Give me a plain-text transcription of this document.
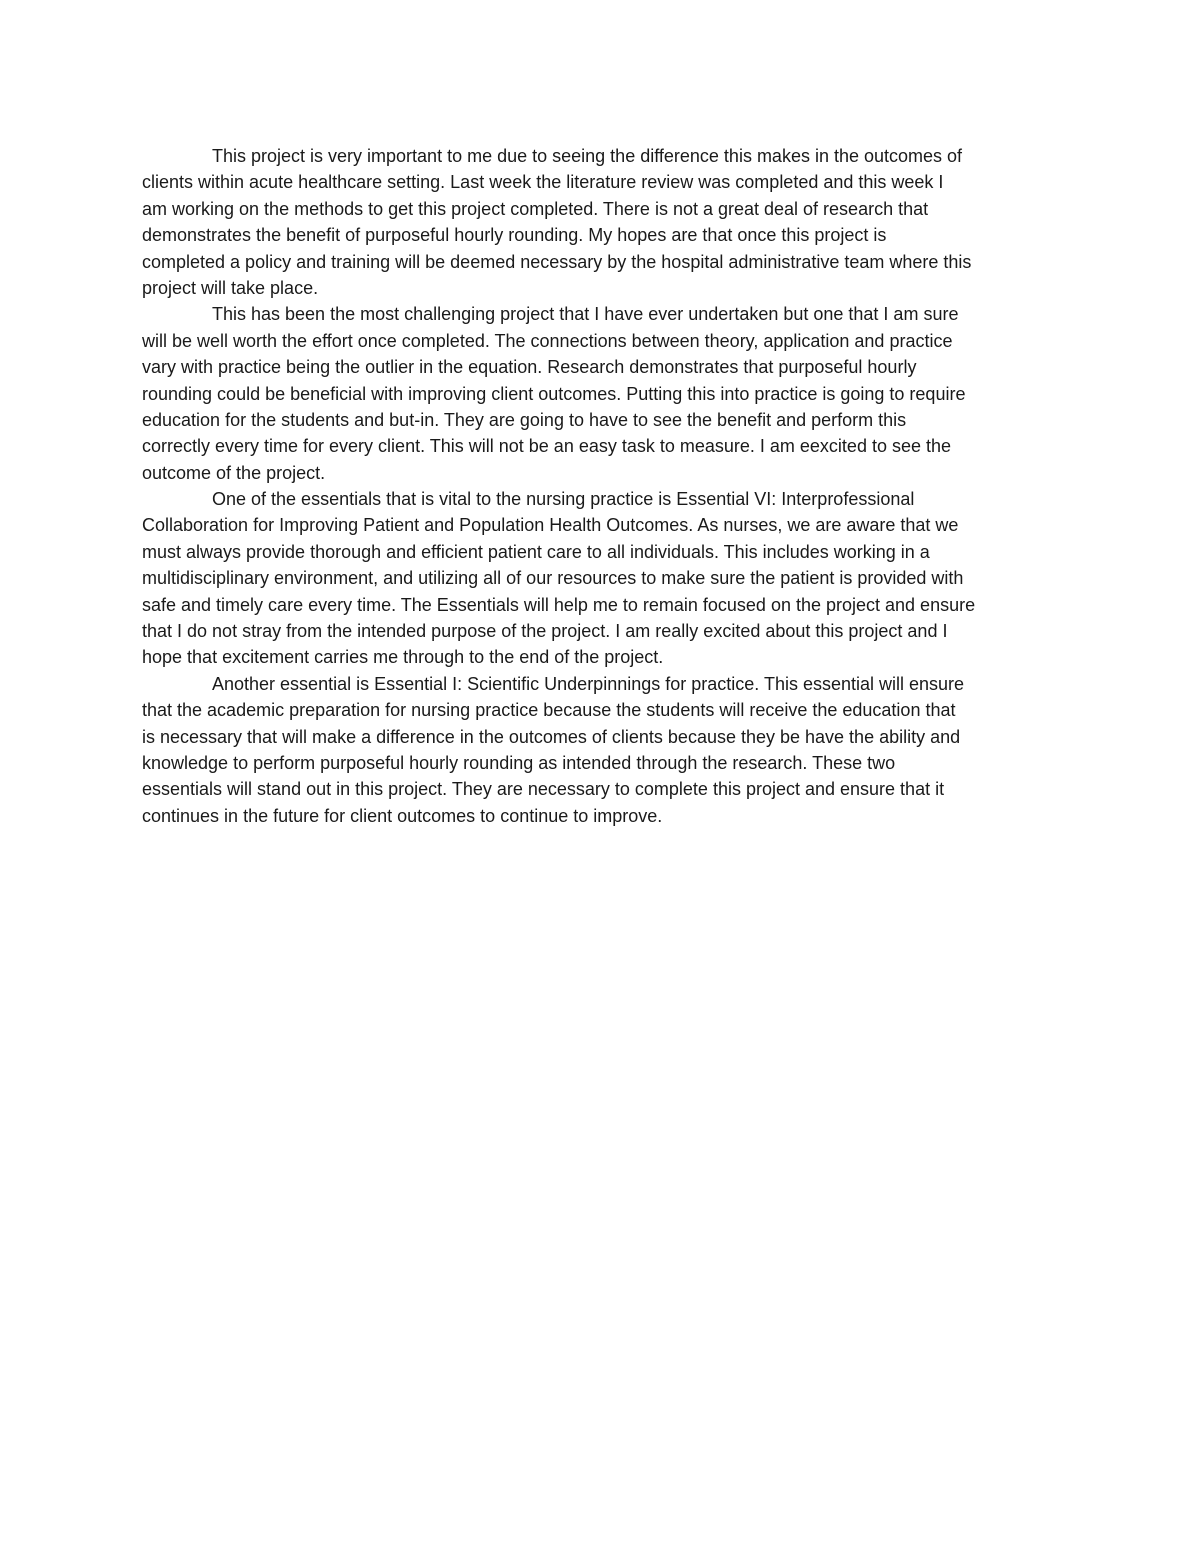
This project is very important to me due to seeing the difference this makes in the outcomes of
clients within acute healthcare setting. Last week the literature review was completed and this week I
am working on the methods to get this project completed. There is not a great deal of research that
demonstrates the benefit of purposeful hourly rounding. My hopes are that once this project is
completed a policy and training will be deemed necessary by the hospital administrative team where this
project will take place.
This has been the most challenging project that I have ever undertaken but one that I am sure
will be well worth the effort once completed. The connections between theory, application and practice
vary with practice being the outlier in the equation. Research demonstrates that purposeful hourly
rounding could be beneficial with improving client outcomes. Putting this into practice is going to require
education for the students and but-in. They are going to have to see the benefit and perform this
correctly every time for every client. This will not be an easy task to measure. I am eexcited to see the
outcome of the project.
One of the essentials that is vital to the nursing practice is Essential VI: Interprofessional
Collaboration for Improving Patient and Population Health Outcomes. As nurses, we are aware that we
must always provide thorough and efficient patient care to all individuals. This includes working in a
multidisciplinary environment, and utilizing all of our resources to make sure the patient is provided with
safe and timely care every time. The Essentials will help me to remain focused on the project and ensure
that I do not stray from the intended purpose of the project. I am really excited about this project and I
hope that excitement carries me through to the end of the project.
Another essential is Essential I: Scientific Underpinnings for practice. This essential will ensure
that the academic preparation for nursing practice because the students will receive the education that
is necessary that will make a difference in the outcomes of clients because they be have the ability and
knowledge to perform purposeful hourly rounding as intended through the research. These two
essentials will stand out in this project. They are necessary to complete this project and ensure that it
continues in the future for client outcomes to continue to improve.
